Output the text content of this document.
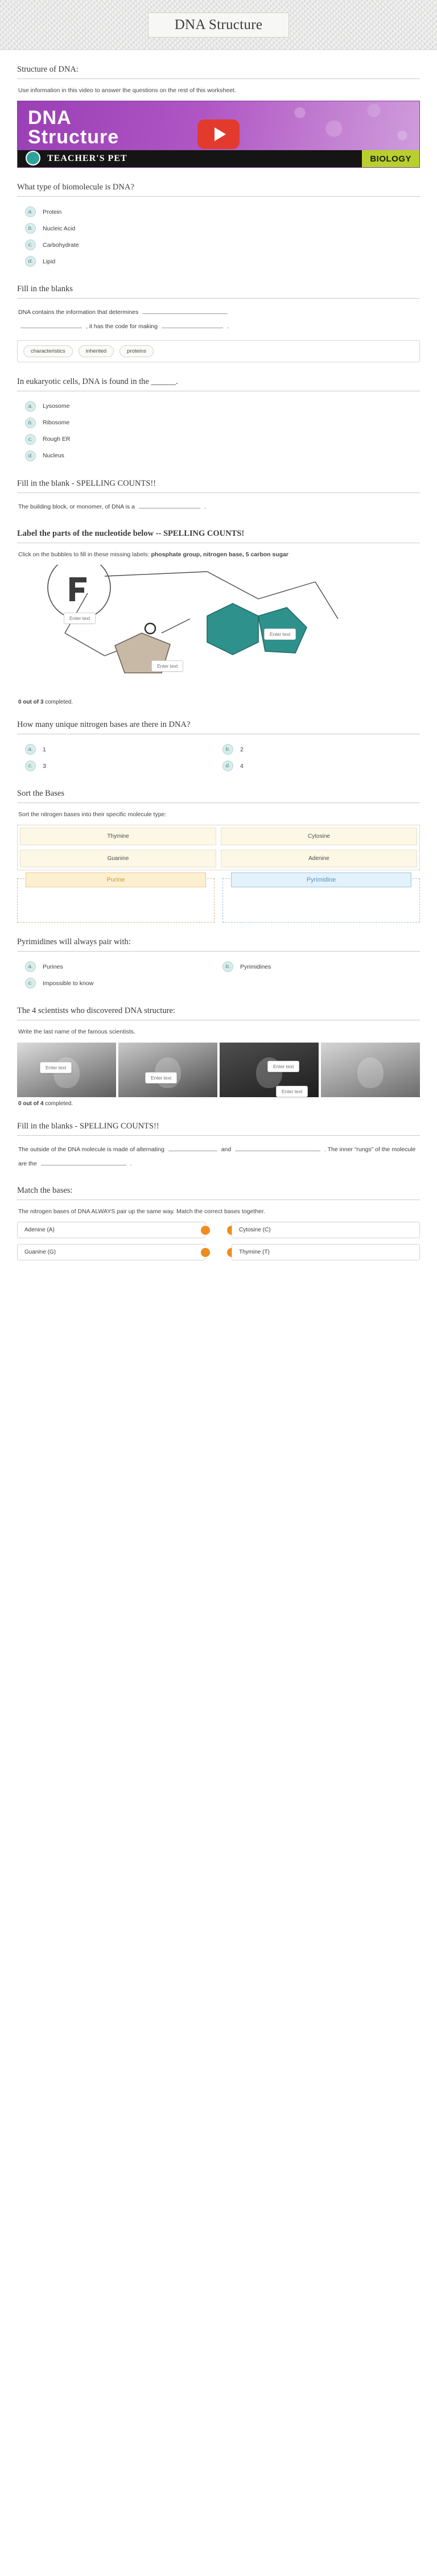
DNA Structure
Structure of DNA:
Use information in this video to answer the questions on the rest of this worksheet.
DNA
Structure
TEACHER'S PET	BIOLOGY
What type of biomolecule is DNA?
a.	Protein
b.	Nucleic Acid
c.	Carbohydrate
d.	Lipid
Fill in the blanks
DNA contains the information that determines
, it has the code for making	.
characteristics	inherited	proteins
In eukaryotic cells, DNA is found in the ______.
a.	Lysosome
b.	Ribosome
c.	Rough ER
d.	Nucleus
Fill in the blank - SPELLING COUNTS!!
The building block, or monomer, of DNA is a	.
Label the parts of the nucleotide below -- SPELLING COUNTS!
Click on the bubbles to fill in these missing labels: phosphate group, nitrogen base, 5 carbon sugar
Enter text
Enter text
Enter text
0 out of 3 completed.
How many unique nitrogen bases are there in DNA?
a.	1	b.	2
c.	3	d.	4
Sort the Bases
Sort the nitrogen bases into their specific molecule type:
Thymine	Cytosine
Guanine	Adenine
Purine	Pyrimidine
Pyrimidines will always pair with:
a.	Purines	b.	Pyrimidines
c.	Impossible to know
The 4 scientists who discovered DNA structure:
Write the last name of the famous scientists.
Enter text
Enter text
Enter text
Enter text
0 out of 4 completed.
Fill in the blanks - SPELLING COUNTS!!
The outside of the DNA molecule is made of alternating	and	. The inner “rungs” of the molecule are the	.
Match the bases:
The nitrogen bases of DNA ALWAYS pair up the same way. Match the correct bases together.
Adenine (A)	Cytosine (C)
Guanine (G)	Thymine (T)
